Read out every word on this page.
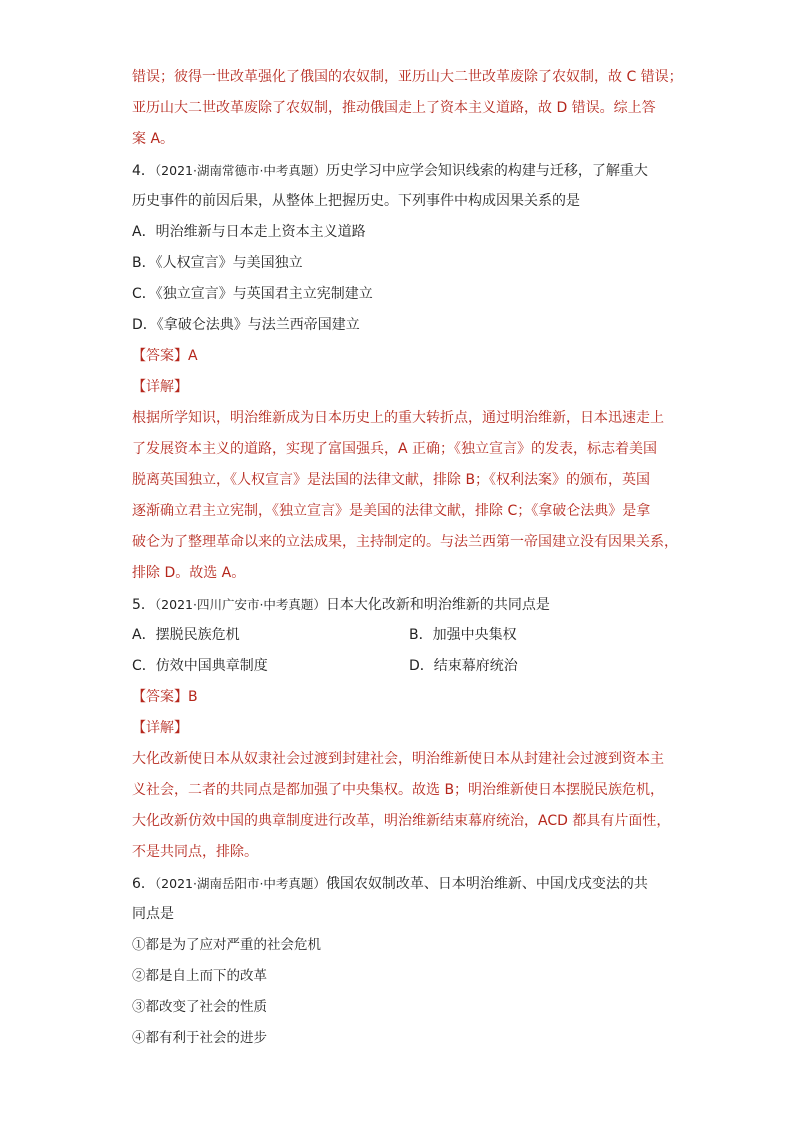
错误；彼得一世改革强化了俄国的农奴制，亚历山大二世改革废除了农奴制，故 C 错误；
亚历山大二世改革废除了农奴制，推动俄国走上了资本主义道路，故 D 错误。综上答
案 A。
4．（2021·湖南常德市·中考真题）历史学习中应学会知识线索的构建与迁移，了解重大
历史事件的前因后果，从整体上把握历史。下列事件中构成因果关系的是
A．明治维新与日本走上资本主义道路
B．《人权宣言》与美国独立
C．《独立宣言》与英国君主立宪制建立
D．《拿破仑法典》与法兰西帝国建立
【答案】A
【详解】
根据所学知识，明治维新成为日本历史上的重大转折点，通过明治维新，日本迅速走上
了发展资本主义的道路，实现了富国强兵，A 正确；《独立宣言》的发表，标志着美国
脱离英国独立，《人权宣言》是法国的法律文献，排除 B；《权利法案》的颁布，英国
逐渐确立君主立宪制，《独立宣言》是美国的法律文献，排除 C；《拿破仑法典》是拿
破仑为了整理革命以来的立法成果，主持制定的。与法兰西第一帝国建立没有因果关系，
排除 D。故选 A。
5．（2021·四川广安市·中考真题）日本大化改新和明治维新的共同点是
A．摆脱民族危机	B．加强中央集权
C．仿效中国典章制度	D．结束幕府统治
【答案】B
【详解】
大化改新使日本从奴隶社会过渡到封建社会，明治维新使日本从封建社会过渡到资本主
义社会，二者的共同点是都加强了中央集权。故选 B；明治维新使日本摆脱民族危机，
大化改新仿效中国的典章制度进行改革，明治维新结束幕府统治，ACD 都具有片面性，
不是共同点，排除。
6．（2021·湖南岳阳市·中考真题）俄国农奴制改革、日本明治维新、中国戊戌变法的共
同点是
①都是为了应对严重的社会危机
②都是自上而下的改革
③都改变了社会的性质
④都有利于社会的进步
